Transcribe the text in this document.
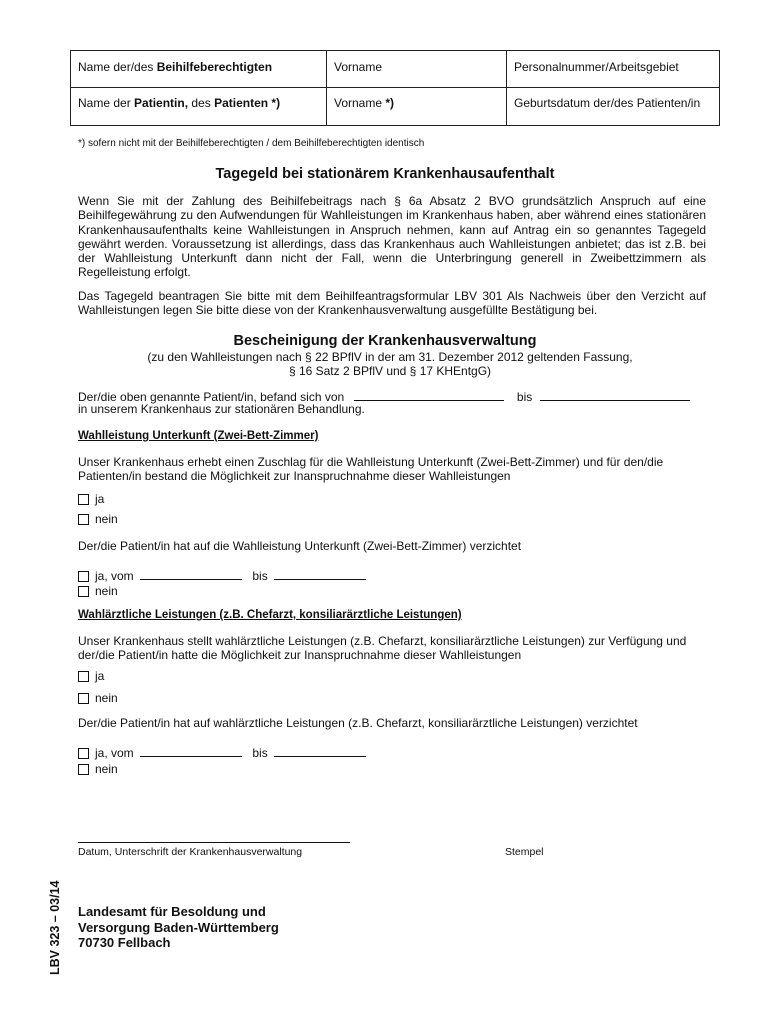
Name der/des Beihilfeberechtigten	Vorname	Personalnummer/Arbeitsgebiet
Name der Patientin, des Patienten *)	Vorname *)	Geburtsdatum der/des Patienten/in
*) sofern nicht mit der Beihilfeberechtigten / dem Beihilfeberechtigten identisch
Tagegeld bei stationärem Krankenhausaufenthalt

Wenn Sie mit der Zahlung des Beihilfebeitrags nach § 6a Absatz 2 BVO grundsätzlich Anspruch auf eine Beihilfegewährung zu den Aufwendungen für Wahlleistungen im Krankenhaus haben, aber während eines stationären Krankenhausaufenthalts keine Wahlleistungen in Anspruch nehmen, kann auf Antrag ein so genanntes Tagegeld gewährt werden. Voraussetzung ist allerdings, dass das Krankenhaus auch Wahlleistungen anbietet; das ist z.B. bei der Wahlleistung Unterkunft dann nicht der Fall, wenn die Unterbringung generell in Zweibettzimmern als Regelleistung erfolgt.

Das Tagegeld beantragen Sie bitte mit dem Beihilfeantragsformular LBV 301 Als Nachweis über den Verzicht auf Wahlleistungen legen Sie bitte diese von der Krankenhausverwaltung ausgefüllte Bestätigung bei.

Bescheinigung der Krankenhausverwaltung
(zu den Wahlleistungen nach § 22 BPflV in der am 31. Dezember 2012 geltenden Fassung,
§ 16 Satz 2 BPflV und § 17 KHEntgG)
Der/die oben genannte Patient/in, befand sich von	bis
in unserem Krankenhaus zur stationären Behandlung.
Wahlleistung Unterkunft (Zwei-Bett-Zimmer)

Unser Krankenhaus erhebt einen Zuschlag für die Wahlleistung Unterkunft (Zwei-Bett-Zimmer) und für den/die Patienten/in bestand die Möglichkeit zur Inanspruchnahme dieser Wahlleistungen

ja
nein
Der/die Patient/in hat auf die Wahlleistung Unterkunft (Zwei-Bett-Zimmer) verzichtet
ja, vom	bis
nein
Wahlärztliche Leistungen (z.B. Chefarzt, konsiliarärztliche Leistungen)

Unser Krankenhaus stellt wahlärztliche Leistungen (z.B. Chefarzt, konsiliarärztliche Leistungen) zur Verfügung und der/die Patient/in hatte die Möglichkeit zur Inanspruchnahme dieser Wahlleistungen

ja
nein
Der/die Patient/in hat auf wahlärztliche Leistungen (z.B. Chefarzt, konsiliarärztliche Leistungen) verzichtet
ja, vom	bis
nein
Datum, Unterschrift der Krankenhausverwaltung	Stempel
Landesamt für Besoldung und
Versorgung Baden-Württemberg
70730 Fellbach
LBV 323 – 03/14
